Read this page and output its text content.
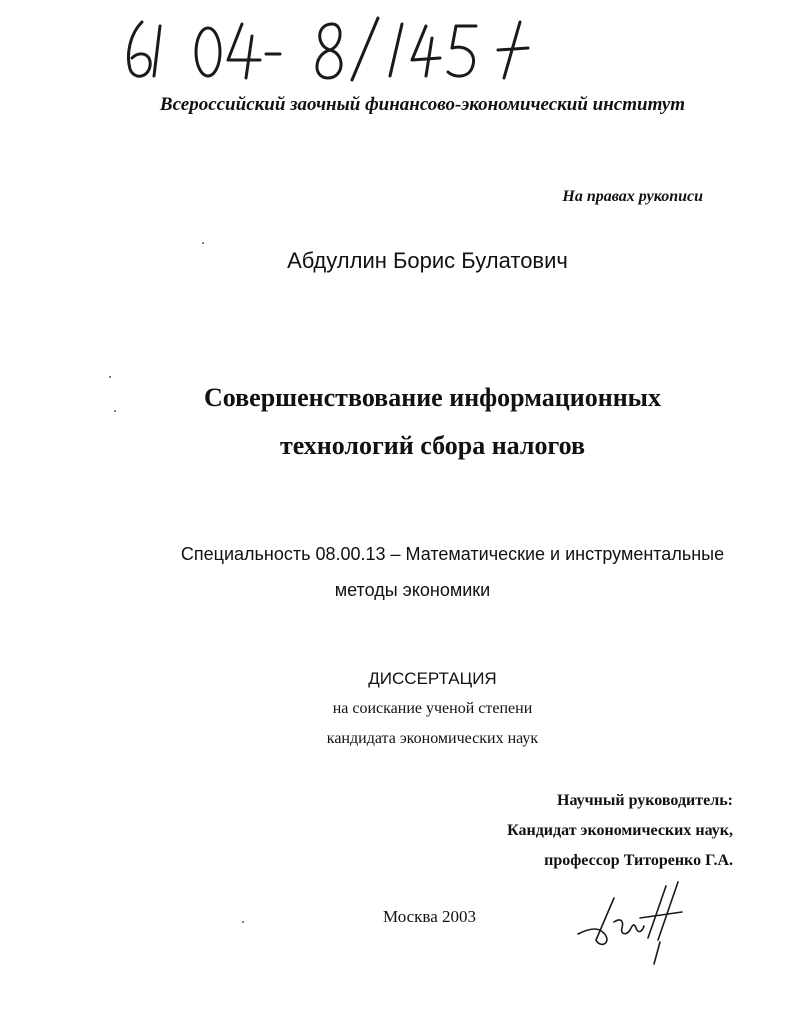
Всероссийский заочный финансово-экономический институт
На правах рукописи
Абдуллин Борис Булатович
Совершенствование информационных
технологий сбора налогов
Специальность 08.00.13 – Математические и инструментальные
методы экономики
ДИССЕРТАЦИЯ
на соискание ученой степени
кандидата экономических наук
Научный руководитель:
Кандидат экономических наук,
профессор Титоренко Г.А.
Москва 2003
